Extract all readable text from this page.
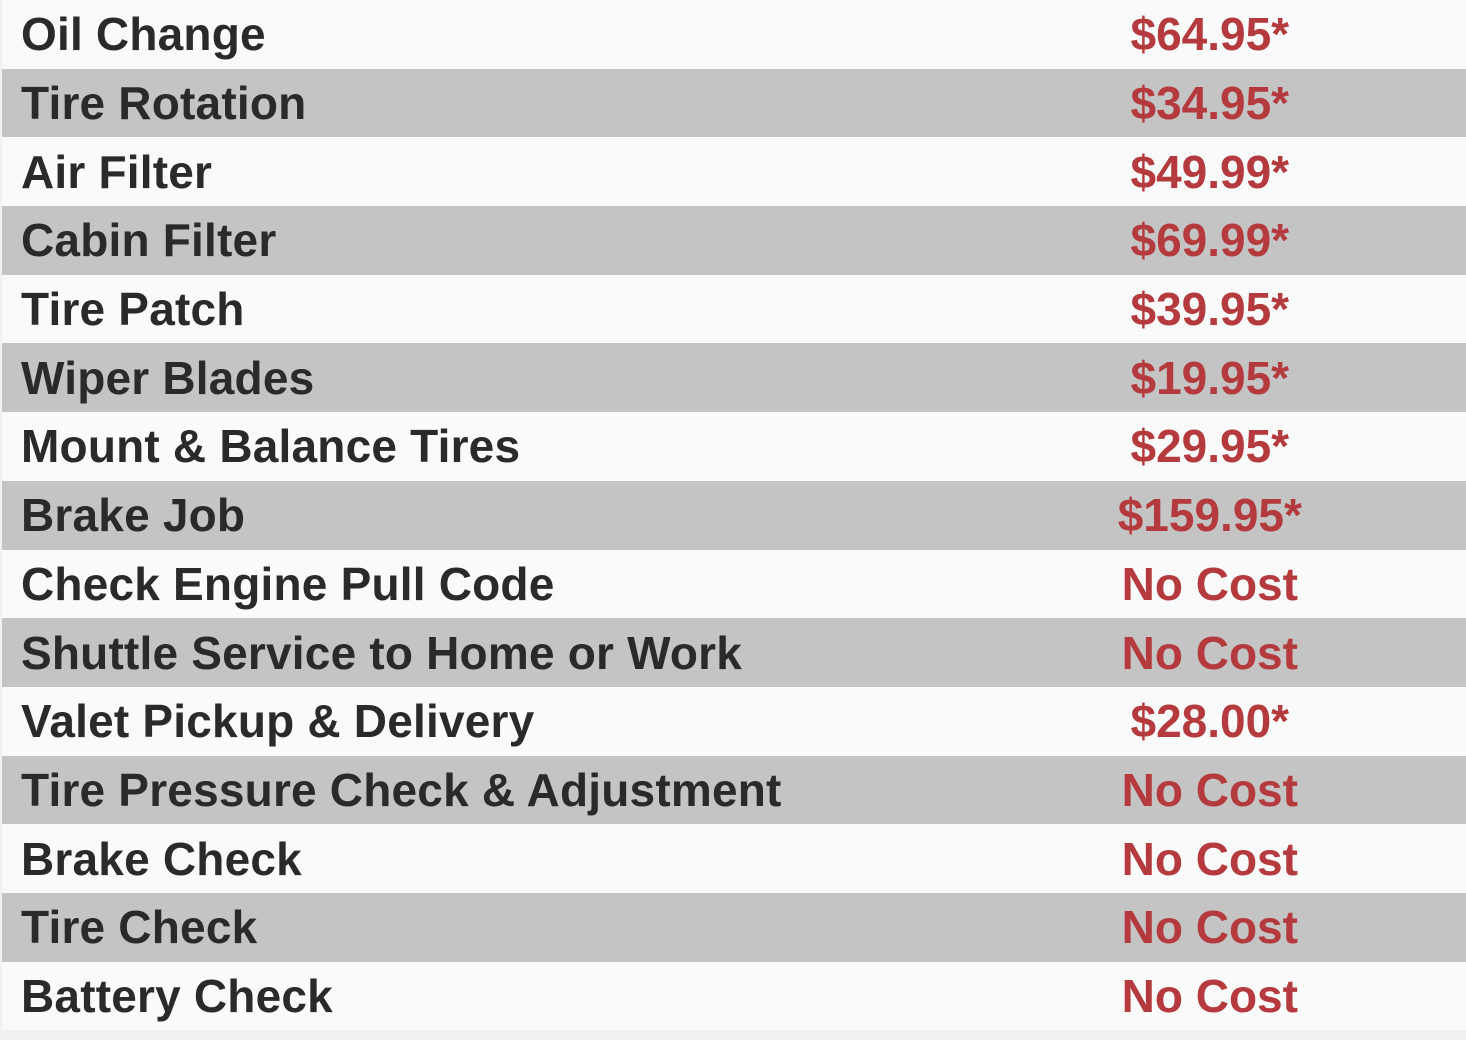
Oil Change	$64.95*
Tire Rotation	$34.95*
Air Filter	$49.99*
Cabin Filter	$69.99*
Tire Patch	$39.95*
Wiper Blades	$19.95*
Mount & Balance Tires	$29.95*
Brake Job	$159.95*
Check Engine Pull Code	No Cost
Shuttle Service to Home or Work	No Cost
Valet Pickup & Delivery	$28.00*
Tire Pressure Check & Adjustment	No Cost
Brake Check	No Cost
Tire Check	No Cost
Battery Check	No Cost
